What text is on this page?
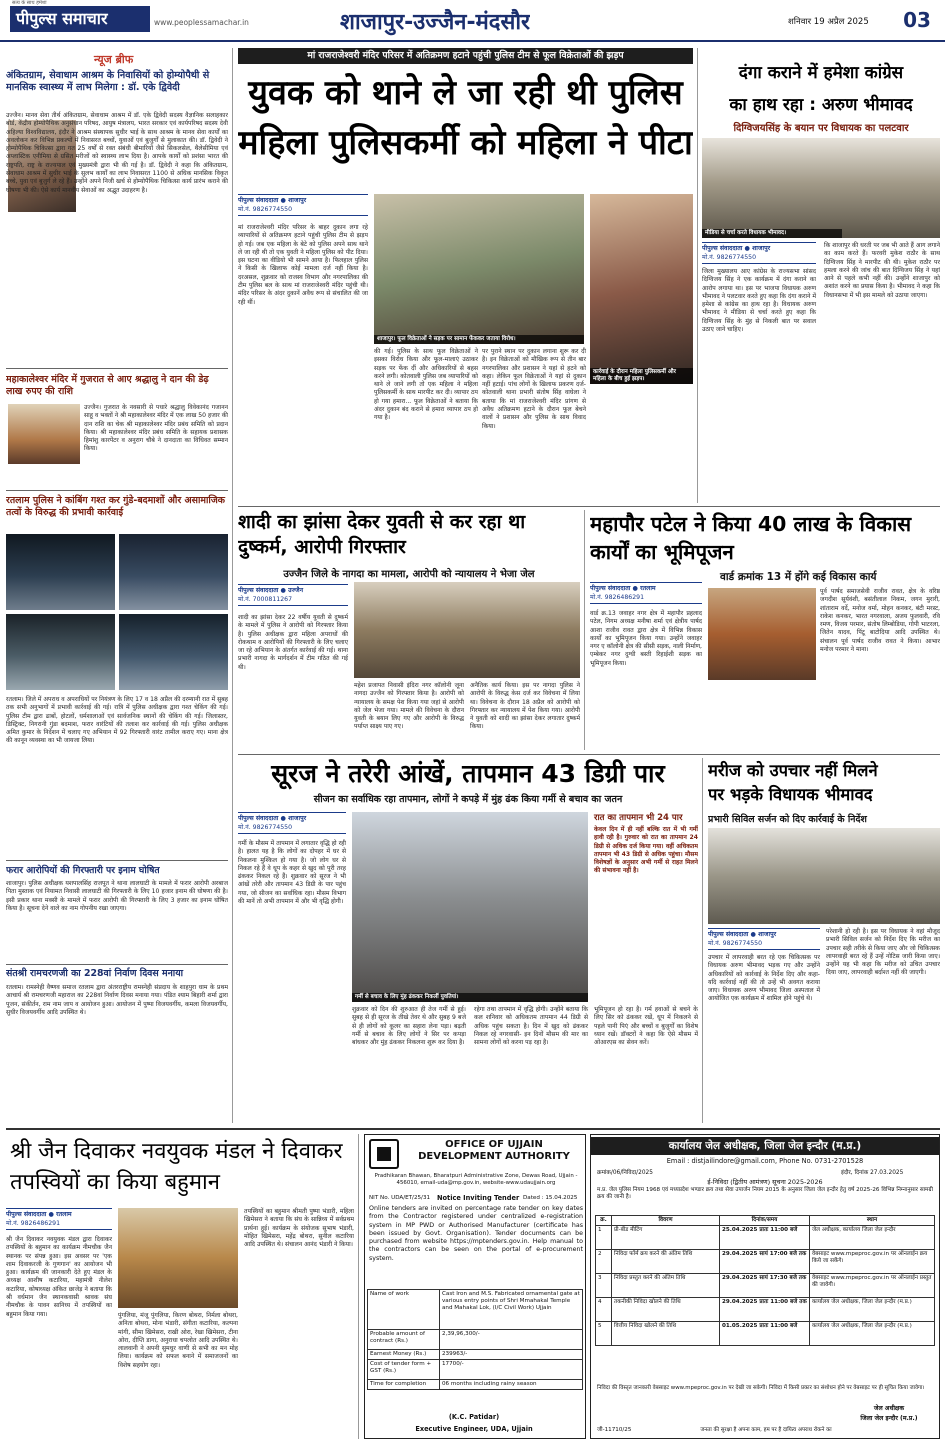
पीपुल्स समाचार
सत्य के साथ हमेशा
www.peoplessamachar.in	शाजापुर-उज्जैन-मंदसौर	शनिवार 19 अप्रैल 2025	03
न्यूज ब्रीफ
अंकितग्राम, सेवाधाम आश्रम के निवासियों को होम्योपैथी से मानसिक स्वास्थ्य में लाभ मिलेगा : डॉ. एके द्विवेदी
उज्जैन। मानव सेवा तीर्थ अंकितग्राम, सेवाधाम आश्रम में डॉ. एके द्विवेदी सदस्य वैज्ञानिक सलाहकार बोर्ड, केंद्रीय होम्योपैथिक अनुसंधान परिषद, आयुष मंत्रालय, भारत सरकार एवं कार्यपरिषद सदस्य देवी अहिल्या विश्वविद्यालय, इंदौर ने आश्रम संस्थापक सुधीर भाई के साथ आश्रम के मानव सेवा कार्यों का अवलोकन कर विभिन्न प्रकल्पों में निवासरत बच्चों, युवाओं एवं बुजुर्गों से मुलाकात की। डॉ. द्विवेदी ने होम्योपैथिक चिकित्सा द्वारा गत 25 वर्षों से रक्त संबंधी बीमारियों जैसे सिकलसेल, थैलेसीमिया एवं अप्लास्टिक एनीमिया से ग्रसित मरीजों को स्वास्थ्य लाभ दिया है। आपके कार्यों को प्रशंसा भारत की राष्ट्रपति, राष्ट्र के राज्यपाल एवं मुख्यमंत्री द्वारा भी की गई है। डॉ. द्विवेदी ने कहा कि अंकितग्राम, सेवाधाम आश्रम में सुधीर भाई के सुलभ कार्यों का लाभ निवासरत 1100 से अधिक मानसिक विकृत बच्चे, युवा एवं बुजुर्ग ले रहे हैं। उन्होंने अपने निजी खर्च से होम्योपैथिक चिकित्सा कार्य प्रारंभ कराने की घोषणा भी की। ऐसे कार्य मानवीय सेवाओं का अद्भुत उदाहरण है।
महाकालेश्वर मंदिर में गुजरात से आए श्रद्धालु ने दान की डेढ़ लाख रुपए की राशि
उज्जैन। गुजरात के नवसारी से पधारे श्रद्धालु विवेकानंद गजानन साहू व भक्तों ने श्री महाकालेश्वर मंदिर में एक लाख 50 हजार की दान राशि का चेक श्री महाकालेश्वर मंदिर प्रबंध समिति को प्रदान किया। श्री महाकालेश्वर मंदिर प्रबंध समिति के सहायक प्रशासक हिमांशु कारपेंटर व अनुराग चौबे ने दानदाता का विधिवत सम्मान किया।
रतलाम पुलिस ने कांबिंग गश्त कर गुंडे-बदमाशों और असामाजिक तत्वों के विरुद्ध की प्रभावी कार्रवाई
रतलाम। जिले में अपराध व अपराधियों पर नियंत्रण के लिए 17 व 18 अप्रैल की दरम्यानी रात में सुबह तक सभी अनुभागों में प्रभावी कार्रवाई की गई। रात्रि में पुलिस अधीक्षक द्वारा गश्त चेकिंग की गई। पुलिस टीम द्वारा ढाबों, होटलों, धर्मशालाओं एवं सार्वजनिक स्थानों की चेकिंग की गई। जिलास्तर, डिस्ट्रिक्ट, निगरानी गुंडा बदमाश, फरार वारंटियों की तलाश कर कार्रवाई की गई। पुलिस अधीक्षक अमित कुमार के निर्देशन में चलाए गए अभियान में 92 गिरफ्तारी वारंट तामील कराए गए। माना क्षेत्र की कानून व्यवस्था का भी जायजा लिया।
फरार आरोपियों की गिरफ्तारी पर इनाम घोषित
शाजापुर। पुलिस अधीक्षक यशपालसिंह राजपूत ने थाना लालघाटी के मामले में फरार आरोपी अरबाज पिता मुस्ताक एवं नियामत निवासी लालघाटी की गिरफ्तारी के लिए 10 हजार इनाम की घोषणा की है। इसी प्रकार थाना मक्सी के मामले में फरार आरोपी की गिरफ्तारी के लिए 3 हजार का इनाम घोषित किया है। सूचना देने वाले का नाम गोपनीय रखा जाएगा।
संतश्री रामचरणजी का 228वां निर्वाण दिवस मनाया
रतलाम। रामस्नेही वैष्णव समाज रतलाम द्वारा अंतरराष्ट्रीय रामस्नेही संप्रदाय के शाहपुरा धाम के प्रथम आचार्य श्री रामचरणजी महाराज का 228वां निर्वाण दिवस मनाया गया। पंडित श्याम बिहारी शर्मा द्वारा पूजन, संकीर्तन, राम नाम जाप व आयोजन हुआ। आयोजन में पुष्पा विजयवर्गीय, कमला विजयवर्गीय, सुधीर विजयवर्गीय आदि उपस्थित थे।
मां राजराजेश्वरी मंदिर परिसर में अतिक्रमण हटाने पहुंची पुलिस टीम से फूल विक्रेताओं की झड़प
युवक को थाने ले जा रही थी पुलिस
महिला पुलिसकर्मी को महिला ने पीटा
पीपुल्स संवाददाता ● शाजापुर
मो.नं. 9826774550
मां राजराजेश्वरी मंदिर परिसर के बाहर दुकान लगा रहे व्यापारियों से अतिक्रमण हटाने पहुंची पुलिस टीम से झड़प हो गई। जब एक महिला के बेटे को पुलिस अपने साथ थाने ले जा रही थी तो एक युवती ने महिला पुलिस को पीट दिया। इस घटना का वीडियो भी सामने आया है। फिलहाल पुलिस ने किसी के खिलाफ कोई मामला दर्ज नहीं किया है। दरअसल, शुक्रवार को राजस्व विभाग और नगरपालिका की टीम पुलिस बल के साथ मां राजराजेश्वरी मंदिर पहुंची थी। मंदिर परिसर के अंदर दुकानें अवैध रूप से संचालित की जा रही थीं।
शाजापुर। फूल विक्रेताओं ने सड़क पर सामान फेंककर जताया विरोध।
कार्रवाई के दौरान महिला पुलिसकर्मी और महिला के बीच हुई झड़प।
की गई। पुलिस के साथ फूल विक्रेताओं ने इसका विरोध किया और फूल-मालाएं उठाकर सड़क पर फेंक दीं और अधिकारियों से बहस करने लगी। कोतवाली पुलिस जब व्यापारियों को थाने ले जाने लगी तो एक महिला ने महिला पुलिसकर्मी के साथ मारपीट कर दी। व्यापार ठप हो गया हमारा... फूल विक्रेताओं ने बताया कि अंदर दुकान बंद कराने से हमारा व्यापार ठप हो गया है।
पर पुराने स्थान पर दुकान लगाना शुरू कर दी है। इन विक्रेताओं को मौखिक रूप से तीन बार नगरपालिका और प्रशासन ने यहां से हटने को कहा। लेकिन फूल विक्रेताओं ने यहां से दुकान नहीं हटाई। पांच लोगों के खिलाफ प्रकरण दर्ज- कोतवाली थाना प्रभारी संतोष सिंह वाघेला ने बताया कि मां राजराजेश्वरी मंदिर प्रांगण से अवैध अतिक्रमण हटाने के दौरान फूल बेचने वालों ने प्रशासन और पुलिस के साथ विवाद किया।
दंगा कराने में हमेशा कांग्रेस
का हाथ रहा : अरुण भीमावद
दिग्विजयसिंह के बयान पर विधायक का पलटवार
मीडिया से चर्चा करते विधायक भीमावद।
पीपुल्स संवाददाता ● शाजापुर
मो.नं. 9826774550
जिला मुख्यालय आए कांग्रेस के राज्यसभा सांसद दिग्विजय सिंह ने एक कार्यक्रम में दंगा कराने का आरोप लगाया था। इस पर भाजपा विधायक अरुण भीमावद ने पलटवार करते हुए कहा कि दंगा कराने में हमेशा से कांग्रेस का हाथ रहा है। विधायक अरुण भीमावद ने मीडिया से चर्चा करते हुए कहा कि दिग्विजय सिंह के मुंह से निकली बात पर सवाल उठाए जाने चाहिए।
कि शाजापुर की धरती पर जब भी आते हैं आग लगाने का काम करते हैं। फरवरी मुकेश राठौर के साथ दिग्विजय सिंह ने मारपीट की थी। मुकेश राठौर पर हमला करने की जांच की बात दिग्विजय सिंह ने यहां आने से पहले कभी नहीं की। उन्होंने शाजापुर को अशांत करने का प्रयास किया है। भीमावद ने कहा कि विधानसभा में भी इस मामले को उठाया जाएगा।
शादी का झांसा देकर युवती से कर रहा था दुष्कर्म, आरोपी गिरफ्तार
उज्जैन जिले के नागदा का मामला, आरोपी को न्यायालय ने भेजा जेल
पीपुल्स संवाददाता ● उज्जैन
मो.नं. 7000811267
शादी का झांसा देकर 22 वर्षीय युवती से दुष्कर्म के मामले में पुलिस ने आरोपी को गिरफ्तार किया है। पुलिस अधीक्षक द्वारा महिला अपराधों की रोकथाम व आरोपियों की गिरफ्तारी के लिए चलाए जा रहे अभियान के अंतर्गत कार्रवाई की गई। थाना प्रभारी नागदा के मार्गदर्शन में टीम गठित की गई थी।
महेश प्रजापत निवासी इंदिरा नगर कॉलोनी जूना नागदा उज्जैन को गिरफ्तार किया है। आरोपी को न्यायालय के समक्ष पेश किया गया जहां से आरोपी को जेल भेजा गया। मामले की विवेचना के दौरान युवती के बयान लिए गए और आरोपी के विरुद्ध पर्याप्त साक्ष्य पाए गए।
अनैतिक कार्य किया। इस पर नागदा पुलिस ने आरोपी के विरुद्ध केस दर्ज कर विवेचना में लिया था। विवेचना के दौरान 18 अप्रैल को आरोपी को गिरफ्तार कर न्यायालय में पेश किया गया। आरोपी ने युवती को शादी का झांसा देकर लगातार दुष्कर्म किया।
महापौर पटेल ने किया 40 लाख के विकास कार्यों का भूमिपूजन
वार्ड क्रमांक 13 में होंगे कई विकास कार्य
पीपुल्स संवाददाता ● रतलाम
मो.नं. 9826486291
वार्ड क्र.13 जवाहर नगर क्षेत्र में महापौर प्रहलाद पटेल, निगम अध्यक्ष मनीषा शर्मा एवं क्षेत्रीय पार्षद आशा राजीव रावत द्वारा क्षेत्र में विभिन्न विकास कार्यों का भूमिपूजन किया गया। उन्होंने जवाहर नगर ए कॉलोनी क्षेत्र की सीसी सड़क, नाली निर्माण, एम्बेकर नगर दुग्धी बस्ती रिहाईशी सड़क का भूमिपूजन किया।
पूर्व पार्षद समाजसेवी राजीव रावत, क्षेत्र के वरिष्ठ जगदीश सूर्यवंशी, बसंतीलाल निकम, जगन मुरारी, शांताराम वर्दे, मनोज वर्मा, मोहन कनकर, बंटी मरस्ट, राकेश कनकर, भारत नगरवाला, अजय फुलवारी, रवि रमण, विजय परमार, संतोष लिम्बोडिया, गोपी भाटरला, जितेन यादव, पिंटू बाटोदिया आदि उपस्थित थे। संचालन पूर्व पार्षद राजीव रावत ने किया। आभार मनोज परमार ने माना।
सूरज ने तरेरी आंखें, तापमान 43 डिग्री पार
सीजन का सर्वाधिक रहा तापमान, लोगों ने कपड़े में मुंह ढंक किया गर्मी से बचाव का जतन
पीपुल्स संवाददाता ● शाजापुर
मो.नं. 9826774550
गर्मी के मौसम में तापमान में लगातार वृद्धि हो रही है। हालत यह है कि लोगों का दोपहर में घर से निकलना मुश्किल हो गया है। जो लोग घर से निकल रहे हैं वे धूप के कहर से खुद को पूरी तरह ढंककर निकल रहे हैं। शुक्रवार को सूरज ने भी आंखें तरेरी और तापमान 43 डिग्री के पार पहुंच गया, जो सीजन का सर्वाधिक रहा। मौसम विभाग की मानें तो अभी तापमान में और भी वृद्धि होगी।
गर्मी से बचाव के लिए मुंह ढंककर निकलीं युवतियां।
शुक्रवार को दिन की शुरुआत ही तेज गर्मी से हुई। सुबह से ही सूरज के तीखे तेवर थे और सुबह 9 बजे से ही लोगों को कूलर का सहारा लेना पड़ा। बढ़ती गर्मी से बचाव के लिए लोगों ने सिर पर कपड़ा बांधकर और मुंह ढंककर निकलना शुरू कर दिया है।
रहेगा तथा तापमान में वृद्धि होगी। उन्होंने बताया कि कल शनिवार को अधिकतम तापमान 44 डिग्री से अधिक पहुंच सकता है। दिन में खुद को ढंककर निकल रहे नगरवासी- इन दिनों मौसम की मार का सामना लोगों को करना पड़ रहा है।
रात का तापमान भी 24 पार
केवल दिन में ही नहीं बल्कि रात में भी गर्मी हावी रही है। गुरुवार को रात का तापमान 24 डिग्री से अधिक दर्ज किया गया। वहीं अधिकतम तापमान भी 43 डिग्री से अधिक पहुंचा। मौसम विशेषज्ञों के अनुसार अभी गर्मी से राहत मिलने की संभावना नहीं है।
भूमिपूजन हो रहा है। गर्म हवाओं से बचने के लिए सिर को ढंककर रखें, धूप में निकलने से पहले पानी पिएं और बच्चों व बुजुर्गों का विशेष ध्यान रखें। डॉक्टरों ने कहा कि ऐसे मौसम में ओआरएस का सेवन करें।
मरीज को उपचार नहीं मिलने
पर भड़के विधायक भीमावद
प्रभारी सिविल सर्जन को दिए कार्रवाई के निर्देश
पीपुल्स संवाददाता ● शाजापुर
मो.नं. 9826774550
उपचार में लापरवाही बरत रहे एक चिकित्सक पर विधायक अरुण भीमावद भड़क गए और उन्होंने अधिकारियों को कार्रवाई के निर्देश दिए और कहा- यदि कार्रवाई नहीं की तो उन्हें भी अवगत कराया जाए। विधायक अरुण भीमावद जिला अस्पताल में आयोजित एक कार्यक्रम में शामिल होने पहुंचे थे।
परेशानी हो रही है। इस पर विधायक ने वहां मौजूद प्रभारी सिविल सर्जन को निर्देश दिए कि मरीज का उपचार सही तरीके से किया जाए और जो चिकित्सक लापरवाही बरत रहे हैं उन्हें नोटिस जारी किया जाए। उन्होंने यह भी कहा कि मरीज को उचित उपचार दिया जाए, लापरवाही बर्दाश्त नहीं की जाएगी।
श्री जैन दिवाकर नवयुवक मंडल ने दिवाकर तपस्वियों का किया बहुमान
पीपुल्स संवाददाता ● रतलाम
मो.नं. 9826486291
श्री जैन दिवाकर नवयुवक मंडल द्वारा दिवाकर तपस्वियों के बहुमान का कार्यक्रम नीमचौक जैन स्थानक पर संपन्न हुआ। इस अवसर पर 'एक शाम दिवाकरजी के गुणगान' का आयोजन भी हुआ। कार्यक्रम की जानकारी देते हुए मंडल के अध्यक्ष आशीष कटारिया, महामंत्री नीलेश कटारिया, कोषाध्यक्ष अंकित छाजेड़ ने बताया कि श्री वर्धमान जैन स्थानकवासी श्रावक संघ नीमचौक के पावन सानिध्य में तपस्वियों का बहुमान किया गया।	पुंगलिया, मंजू पुंगलिया, किरण बोथरा, निर्मला बोथरा, अनिता बोथरा, मोना भंडारी, संगीता कटारिया, कल्पना मांगी, सीमा खिमेसरा, राखी ओरा, रेखा खिमेसरा, टीना ओरा, दीप्ति डागा, अनुराधा चपलोत आदि उपस्थित थे। लालवानी ने अपनी सुमधुर वाणी से सभी का मन मोह लिया। कार्यक्रम को सफल बनाने में समाजजनों का विशेष सहयोग रहा।
तपस्वियों का बहुमान श्रीमती पुष्पा भंडारी, महिला खिमेसरा ने बताया कि संघ के सान्निध्य में सर्वप्रथम प्रार्थना हुई। कार्यक्रम के संयोजक सुभाष भंडारी, मोहित खिमेसरा, महेंद्र बोथरा, सुनील कटारिया आदि उपस्थित थे। संचालन आनंद भंडारी ने किया।
OFFICE OF UJJAIN DEVELOPMENT AUTHORITY
Pradhikaran Bhawan, Bharatpuri Administrative Zone, Dewas Road, Ujjain - 456010, email-uda@mp.gov.in, website-www.udaujjain.org
NIT No. UDA/ET/25/31 Notice Inviting Tender Dated : 15.04.2025
Online tenders are invited on percentage rate tender on key dates from the Contractor registered under centralized e-registration system in MP PWD or Authorised Manufacturer (certificate has been issued by Govt. Organisation). Tender documents can be purchased from website https://mptenders.gov.in. Help manual to the contractors can be seen on the portal of e-procurement system.
Name of work	Cast Iron and M.S. Fabricated ornamental gate at various entry points of Shri Mmahakal Temple and Mahakal Lok, (I/C Civil Work) Ujjain
Probable amount of contract (Rs.)	2,39,96,300/-
Earnest Money (Rs.)	239963/-
Cost of tender form + GST (Rs.)	17700/-
Time for completion	06 months including rainy season
(K.C. Patidar)
Executive Engineer, UDA, Ujjain
कार्यालय जेल अधीक्षक, जिला जेल इन्दौर (म.प्र.)
Email : distjailindore@gmail.com, Phone No. 0731-2701528
क्रमांक/06/निविदा/2025	इंदौर, दिनांक 27.03.2025
ई-निविदा (द्वितीय आमंत्रण) सूचना 2025-2026
म.प्र. जेल पुलिस नियम 1968 एवं मध्यप्रदेश भण्डार क्रय तथा सेवा उपार्जन नियम 2015 के अनुसार जिला जेल इन्दौर हेतु वर्ष 2025-26 विभिन्न निम्नानुसार सामग्री क्रय की जानी है।
क्र.	विवरण	दिनांक/समय	स्थान
1	प्री-बीड मीटिंग	25.04.2025 प्रातः 11:00 बजे	जेल अधीक्षक, कार्यालय जिला जेल इन्दौर
2	निविदा फॉर्म क्रय करने की अंतिम तिथि	29.04.2025 सायं 17:00 बजे तक	वेबसाइट www.mpeproc.gov.in पर ऑनलाईन क्रय किये जा सकेंगे।
3	निविदा प्रस्तुत करने की अंतिम तिथि	29.04.2025 सायं 17:30 बजे तक	वेबसाइट www.mpeproc.gov.in पर ऑनलाईन प्रस्तुत की जावेगी।
4	तकनीकी निविदा खोलने की तिथि	29.04.2025 प्रातः 11:00 बजे तक	कार्यालय जेल अधीक्षक, जिला जेल इन्दौर (म.प्र.)
5	वित्तीय निविदा खोलने की तिथि	01.05.2025 प्रातः 11:00 बजे	कार्यालय जेल अधीक्षक, जिला जेल इन्दौर (म.प्र.)
निविदा की विस्तृत जानकारी वेबसाइट www.mpeproc.gov.in पर देखी जा सकेगी। निविदा में किसी प्रकार का संशोधन होने पर वेबसाइट पर ही सूचित किया जावेगा।
जेल अधीक्षक
जिला जेल इन्दौर (म.प्र.)
जी-11710/25	जनता की सुरक्षा है अपना काम, हम पर है दायित्व अपराध रोकने का
